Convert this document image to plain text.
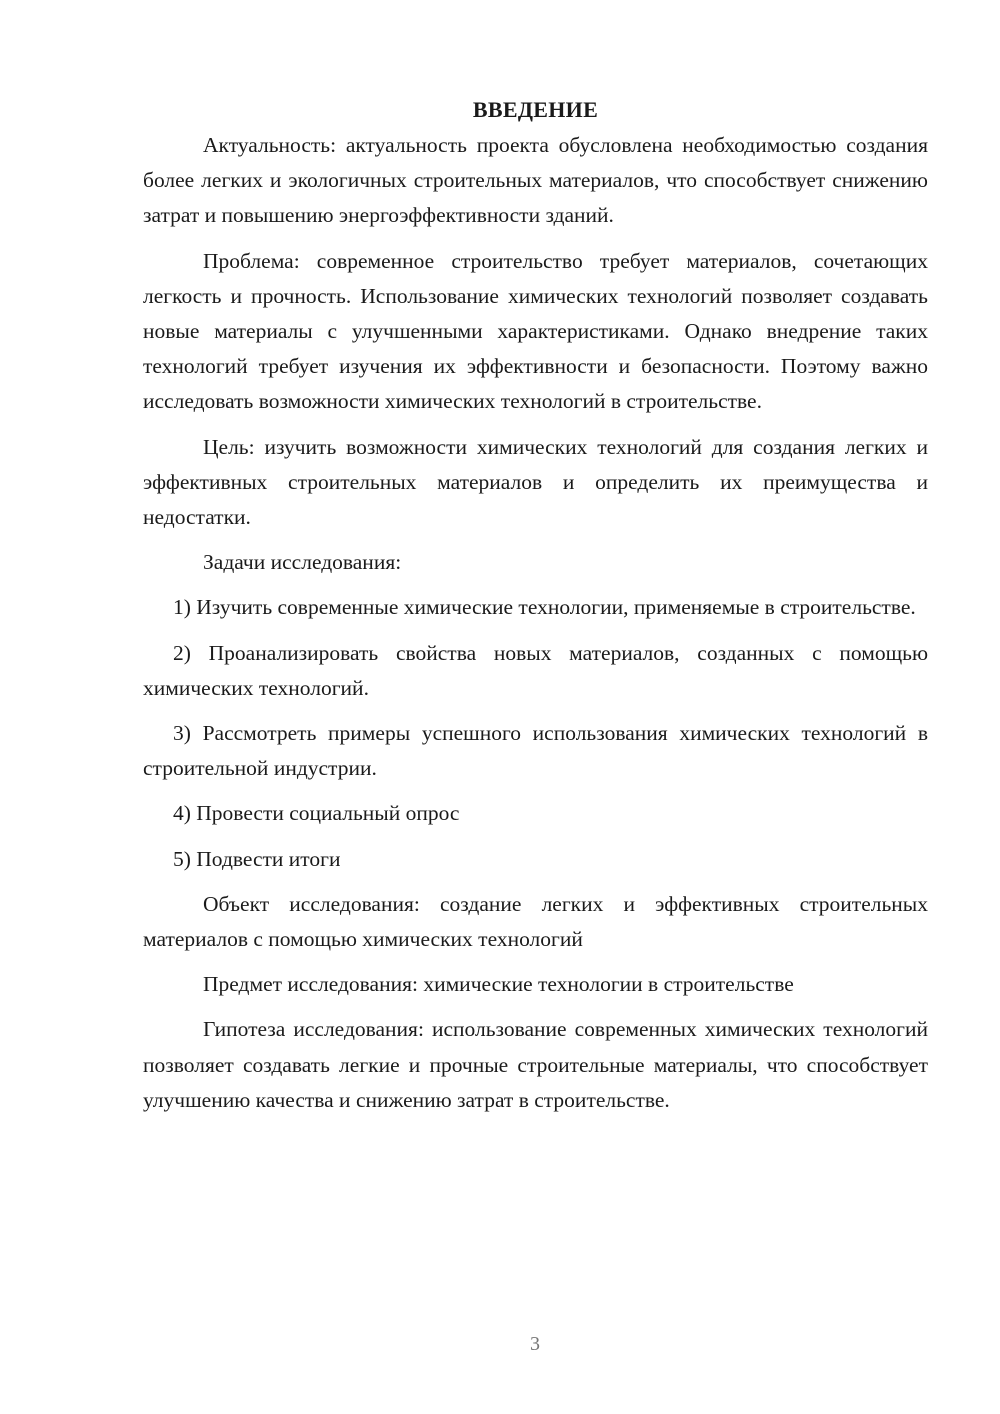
ВВЕДЕНИЕ

Актуальность: актуальность проекта обусловлена необходимостью создания более легких и экологичных строительных материалов, что способствует снижению затрат и повышению энергоэффективности зданий.

Проблема: современное строительство требует материалов, сочетающих легкость и прочность. Использование химических технологий позволяет создавать новые материалы с улучшенными характеристиками. Однако внедрение таких технологий требует изучения их эффективности и безопасности. Поэтому важно исследовать возможности химических технологий в строительстве.

Цель: изучить возможности химических технологий для создания легких и эффективных строительных материалов и определить их преимущества и недостатки.

Задачи исследования:

1) Изучить современные химические технологии, применяемые в строительстве.

2) Проанализировать свойства новых материалов, созданных с помощью химических технологий.

3) Рассмотреть примеры успешного использования химических технологий в строительной индустрии.

4) Провести социальный опрос

5) Подвести итоги

Объект исследования: создание легких и эффективных строительных материалов с помощью химических технологий

Предмет исследования: химические технологии в строительстве

Гипотеза исследования: использование современных химических технологий позволяет создавать легкие и прочные строительные материалы, что способствует улучшению качества и снижению затрат в строительстве.

3
